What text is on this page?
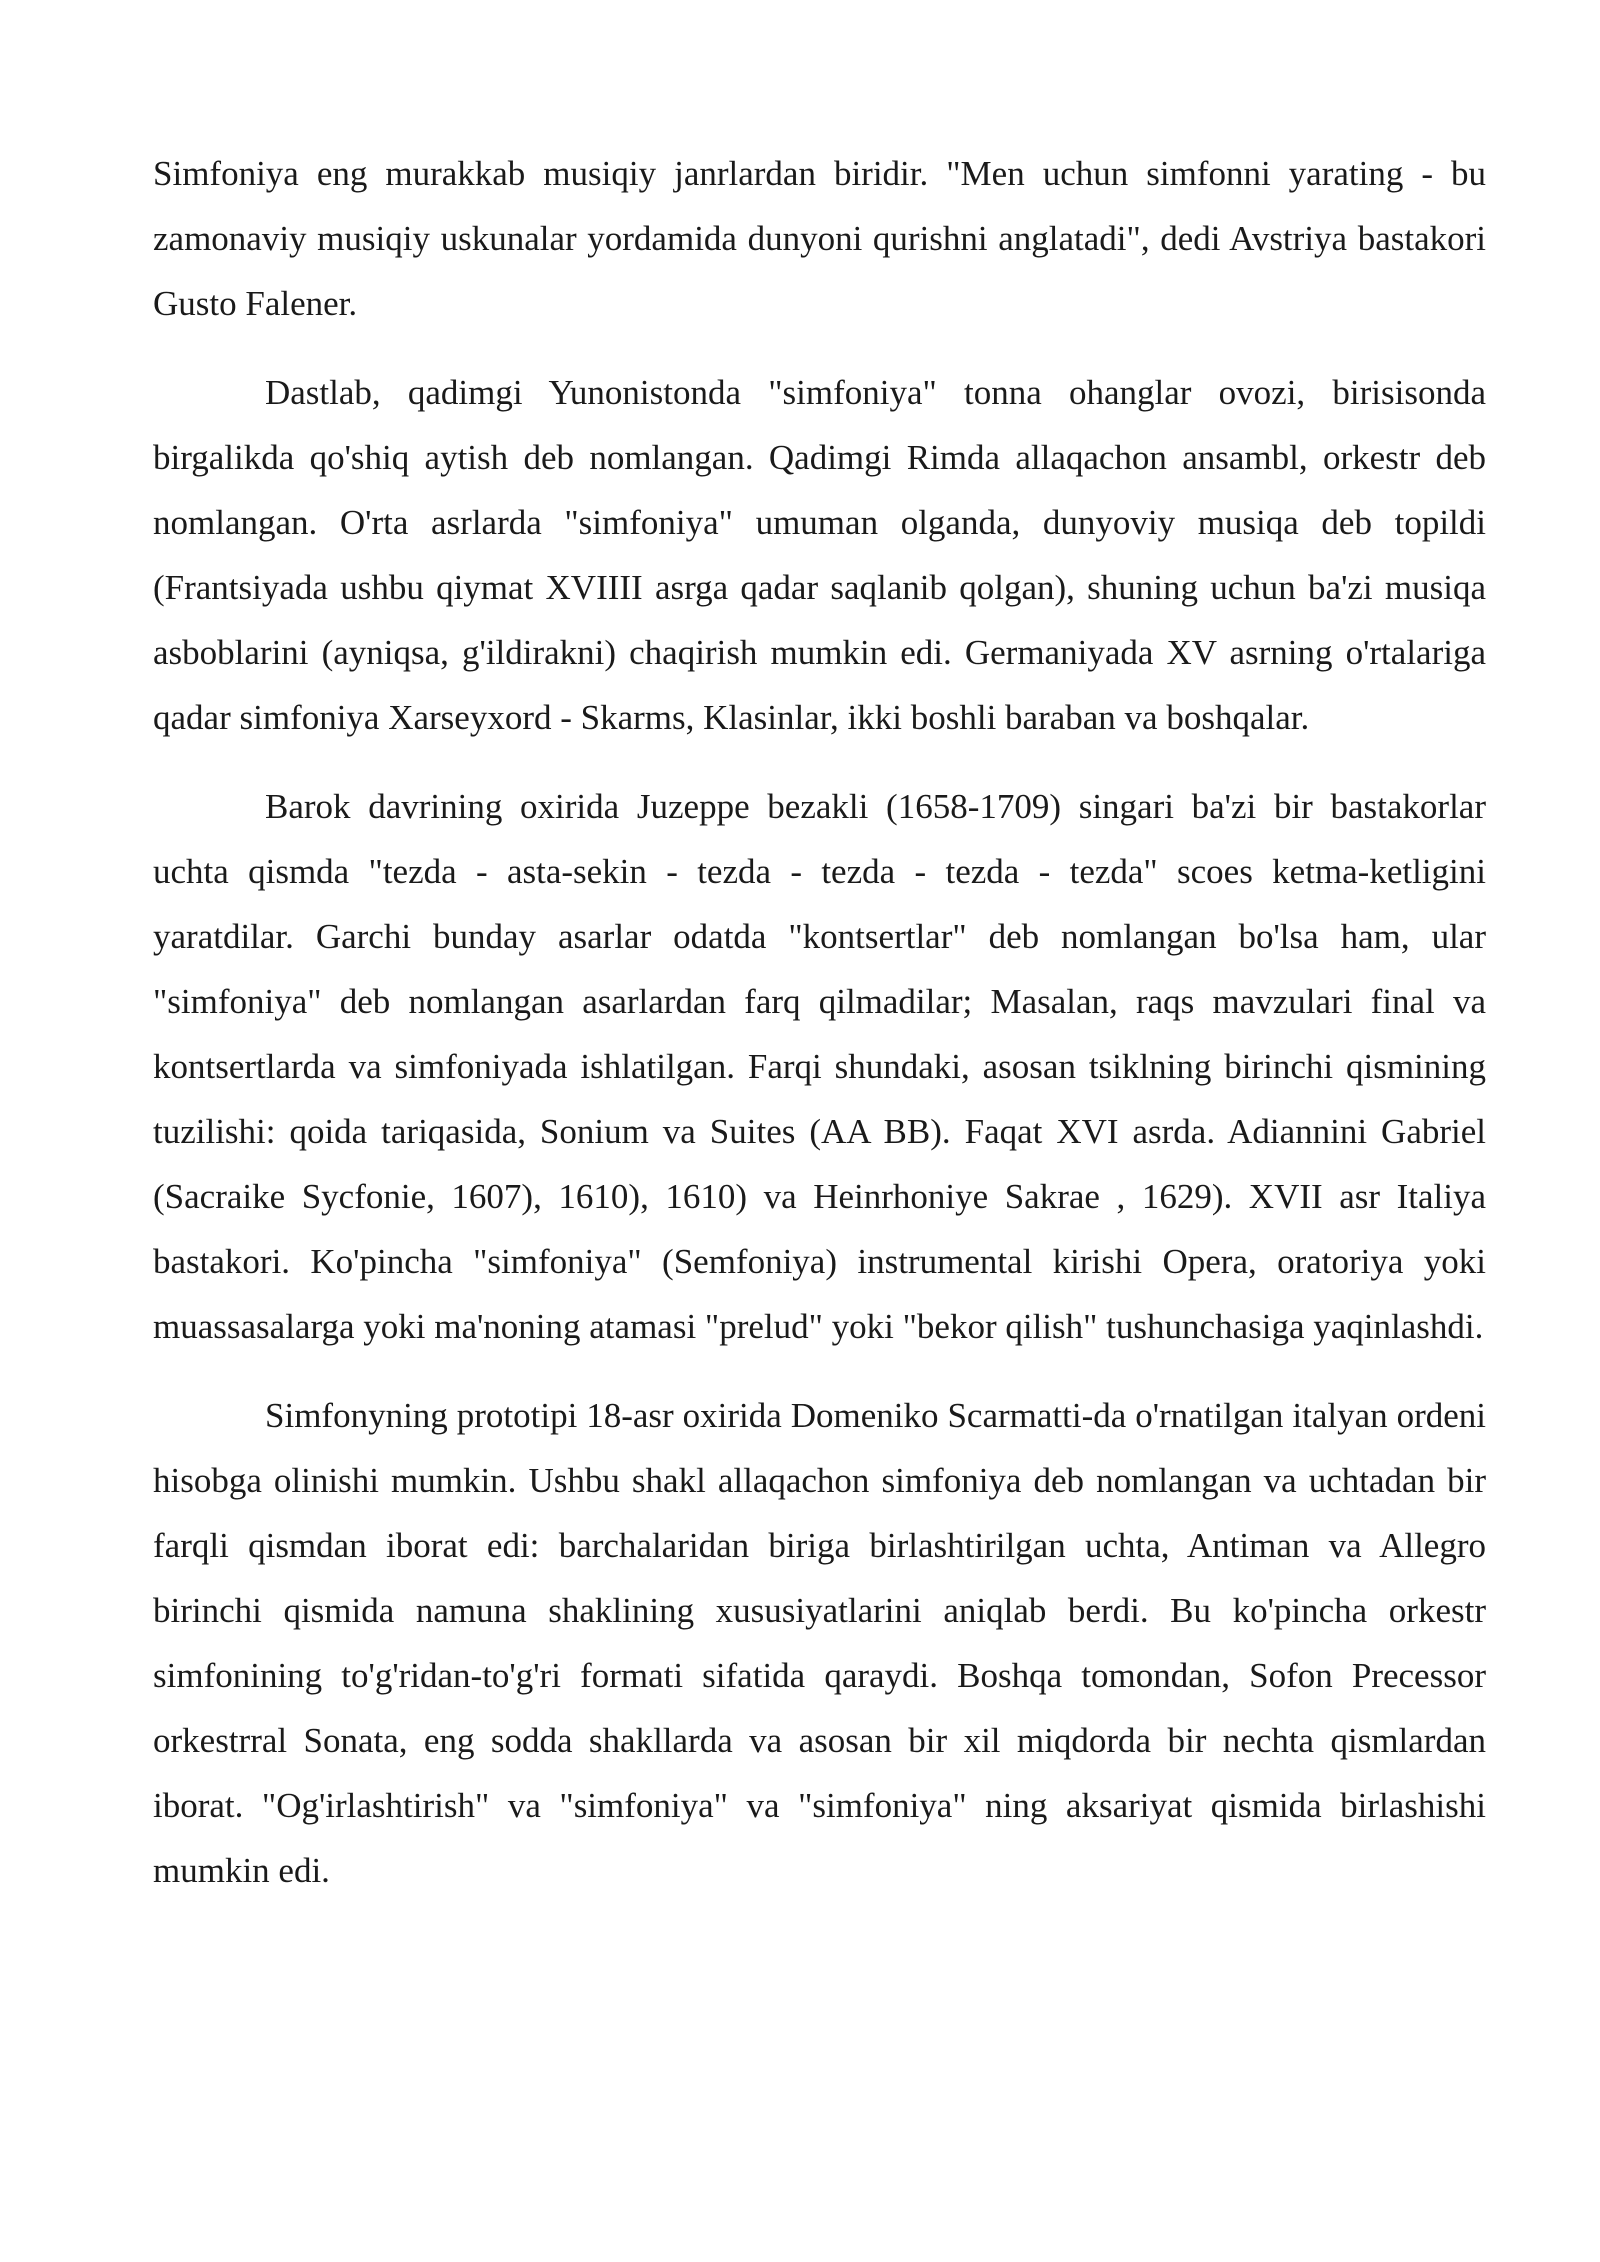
Simfoniya eng murakkab musiqiy janrlardan biridir. "Men uchun simfonni yarating - bu zamonaviy musiqiy uskunalar yordamida dunyoni qurishni anglatadi", dedi Avstriya bastakori Gusto Falener.

Dastlab, qadimgi Yunonistonda "simfoniya" tonna ohanglar ovozi, birisisonda birgalikda qo'shiq aytish deb nomlangan. Qadimgi Rimda allaqachon ansambl, orkestr deb nomlangan. O'rta asrlarda "simfoniya" umuman olganda, dunyoviy musiqa deb topildi (Frantsiyada ushbu qiymat XVIIII asrga qadar saqlanib qolgan), shuning uchun ba'zi musiqa asboblarini (ayniqsa, g'ildirakni) chaqirish mumkin edi. Germaniyada XV asrning o'rtalariga qadar simfoniya Xarseyxord - Skarms, Klasinlar, ikki boshli baraban va boshqalar.

Barok davrining oxirida Juzeppe bezakli (1658-1709) singari ba'zi bir bastakorlar uchta qismda "tezda - asta-sekin - tezda - tezda - tezda - tezda" scoes ketma-ketligini yaratdilar. Garchi bunday asarlar odatda "kontsertlar" deb nomlangan bo'lsa ham, ular "simfoniya" deb nomlangan asarlardan farq qilmadilar; Masalan, raqs mavzulari final va kontsertlarda va simfoniyada ishlatilgan. Farqi shundaki, asosan tsiklning birinchi qismining tuzilishi: qoida tariqasida, Sonium va Suites (AA BB). Faqat XVI asrda. Adiannini Gabriel (Sacraike Sycfonie, 1607), 1610), 1610) va Heinrhoniye Sakrae , 1629). XVII asr Italiya bastakori. Ko'pincha "simfoniya" (Semfoniya) instrumental kirishi Opera, oratoriya yoki muassasalarga yoki ma'noning atamasi "prelud" yoki "bekor qilish" tushunchasiga yaqinlashdi.

Simfonyning prototipi 18-asr oxirida Domeniko Scarmatti-da o'rnatilgan italyan ordeni hisobga olinishi mumkin. Ushbu shakl allaqachon simfoniya deb nomlangan va uchtadan bir farqli qismdan iborat edi: barchalaridan biriga birlashtirilgan uchta, Antiman va Allegro birinchi qismida namuna shaklining xususiyatlarini aniqlab berdi. Bu ko'pincha orkestr simfonining to'g'ridan-to'g'ri formati sifatida qaraydi. Boshqa tomondan, Sofon Precessor orkestrral Sonata, eng sodda shakllarda va asosan bir xil miqdorda bir nechta qismlardan iborat. "Og'irlashtirish" va "simfoniya" va "simfoniya" ning aksariyat qismida birlashishi mumkin edi.
